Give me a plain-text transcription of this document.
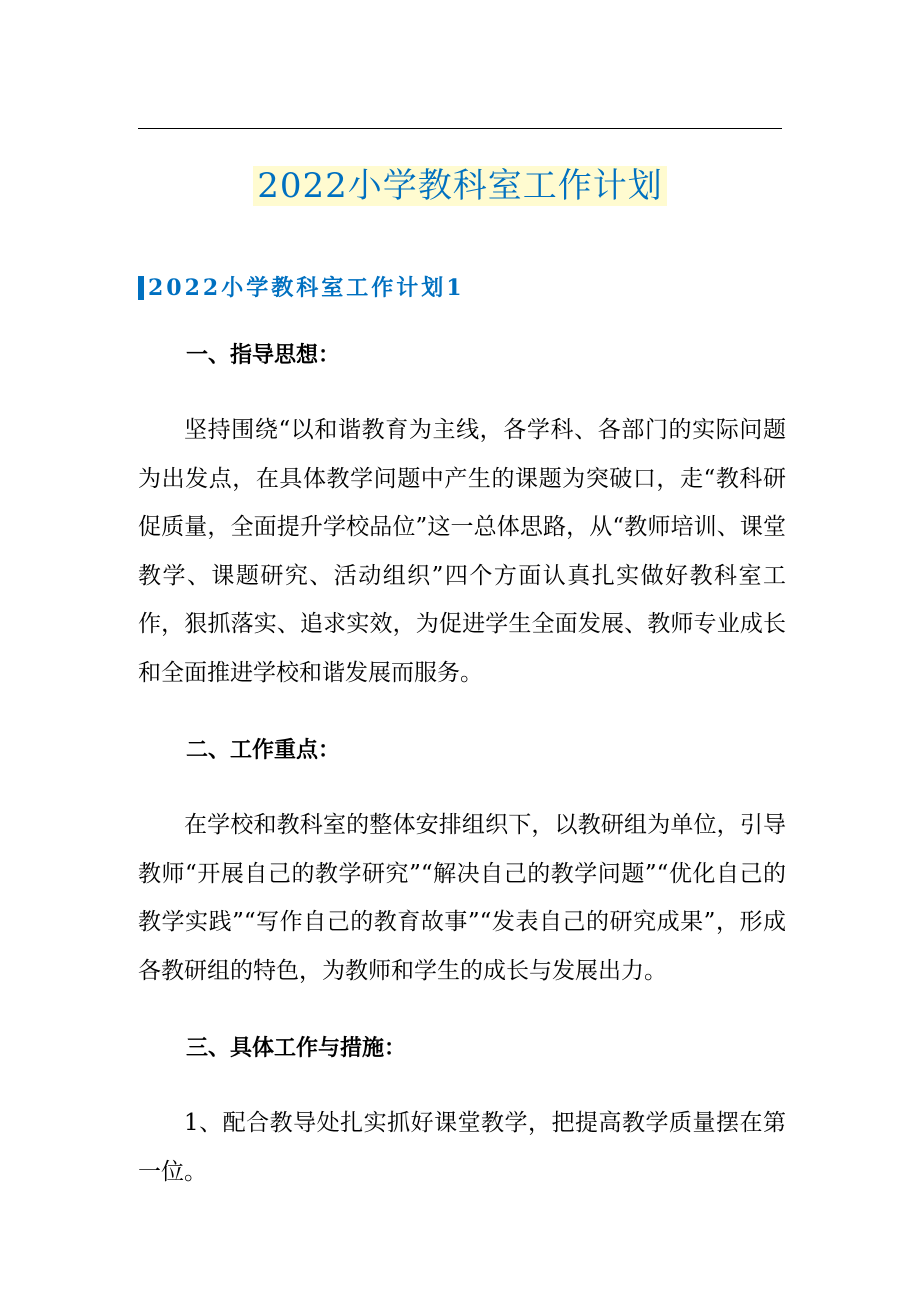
2022小学教科室工作计划
2022小学教科室工作计划1
一、指导思想：

坚持围绕“以和谐教育为主线，各学科、各部门的实际问题为出发点，在具体教学问题中产生的课题为突破口，走“教科研促质量，全面提升学校品位”这一总体思路，从“教师培训、课堂教学、课题研究、活动组织”四个方面认真扎实做好教科室工作，狠抓落实、追求实效，为促进学生全面发展、教师专业成长和全面推进学校和谐发展而服务。

二、工作重点：

在学校和教科室的整体安排组织下，以教研组为单位，引导教师“开展自己的教学研究”“解决自己的教学问题”“优化自己的教学实践”“写作自己的教育故事”“发表自己的研究成果”，形成各教研组的特色，为教师和学生的成长与发展出力。

三、具体工作与措施：

1、配合教导处扎实抓好课堂教学，把提高教学质量摆在第一位。
